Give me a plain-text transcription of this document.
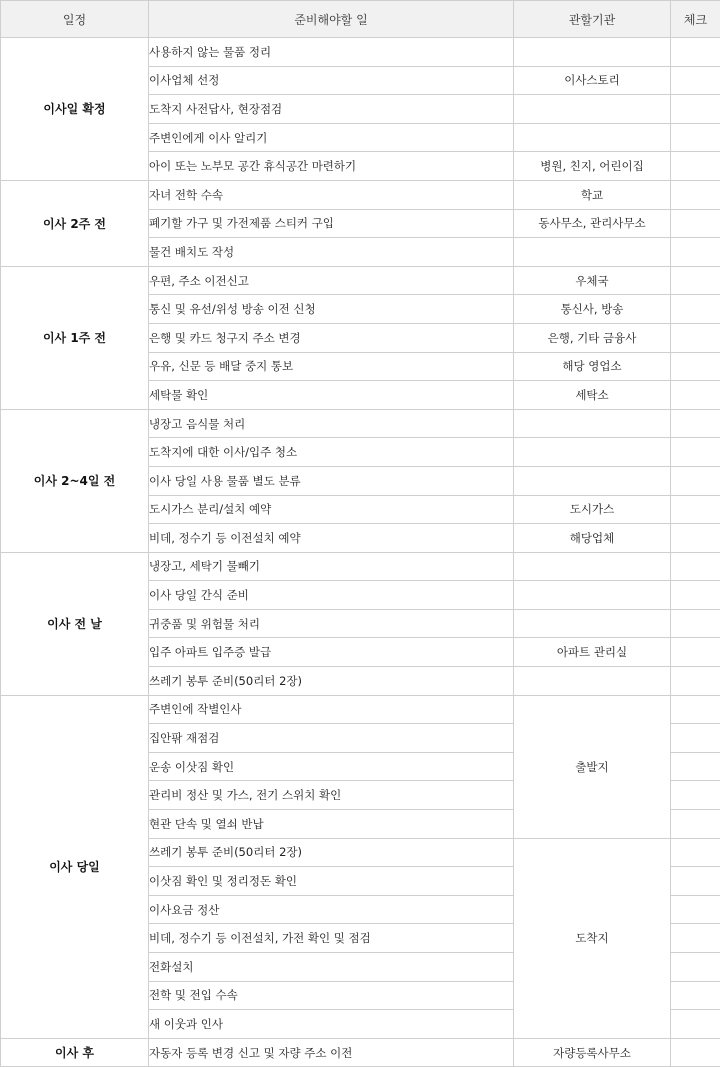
일정	준비해야할 일	관할기관	체크
이사일 확정	사용하지 않는 물품 정리		
	이사업체 선정	이사스토리	
	도착지 사전답사, 현장점검		
	주변인에게 이사 알리기		
	아이 또는 노부모 공간 휴식공간 마련하기	병원, 친지, 어린이집	
이사 2주 전	자녀 전학 수속	학교	
	폐기할 가구 및 가전제품 스티커 구입	동사무소, 관리사무소	
	물건 배치도 작성		
이사 1주 전	우편, 주소 이전신고	우체국	
	통신 및 유선/위성 방송 이전 신청	통신사, 방송	
	은행 및 카드 청구지 주소 변경	은행, 기타 금융사	
	우유, 신문 등 배달 중지 통보	해당 영업소	
	세탁물 확인	세탁소	
이사 2~4일 전	냉장고 음식물 처리		
	도착지에 대한 이사/입주 청소		
	이사 당일 사용 물품 별도 분류		
	도시가스 분리/설치 예약	도시가스	
	비데, 정수기 등 이전설치 예약	해당업체	
이사 전 날	냉장고, 세탁기 물빼기		
	이사 당일 간식 준비		
	귀중품 및 위험물 처리		
	입주 아파트 입주증 발급	아파트 관리실	
	쓰레기 봉투 준비(50리터 2장)		
이사 당일	주변인에 작별인사	출발지	
	집안팎 재점검		
	운송 이삿짐 확인		
	관리비 정산 및 가스, 전기 스위치 확인		
	현관 단속 및 열쇠 반납		
	쓰레기 봉투 준비(50리터 2장)	도착지	
	이삿짐 확인 및 정리정돈 확인		
	이사요금 정산		
	비데, 정수기 등 이전설치, 가전 확인 및 점검		
	전화설치		
	전학 및 전입 수속		
	새 이웃과 인사		
이사 후	자동자 등록 변경 신고 및 자량 주소 이전	자량등록사무소	
